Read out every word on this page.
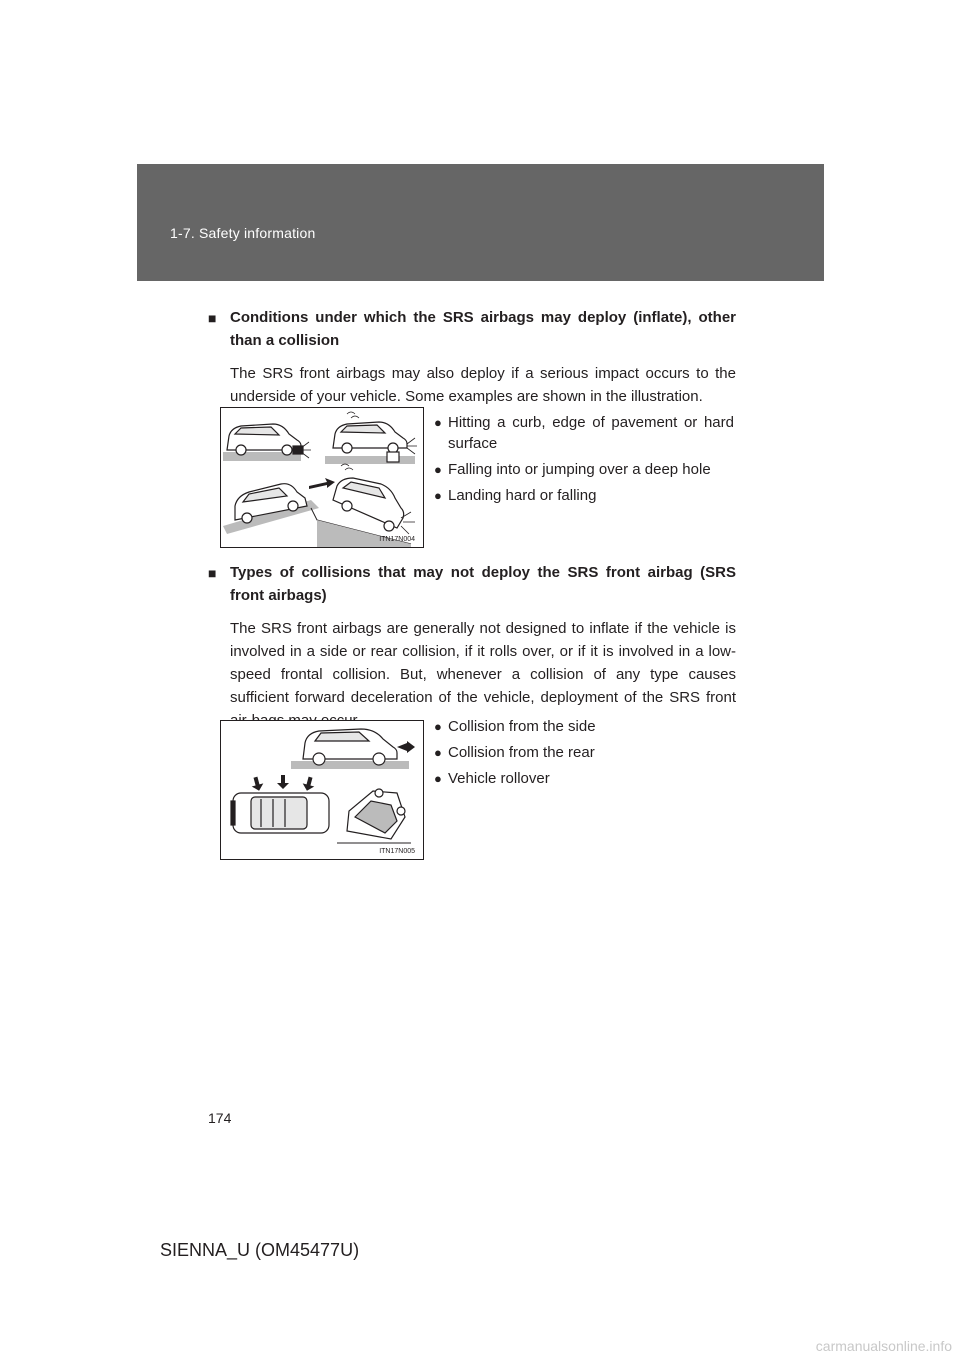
1-7. Safety information
■ Conditions under which the SRS airbags may deploy (inflate), other than a collision

The SRS front airbags may also deploy if a serious impact occurs to the underside of your vehicle. Some examples are shown in the illustration.

ITN17N004
● Hitting a curb, edge of pavement or hard surface
● Falling into or jumping over a deep hole
● Landing hard or falling
■ Types of collisions that may not deploy the SRS front airbag (SRS front airbags)

The SRS front airbags are generally not designed to inflate if the vehicle is involved in a side or rear collision, if it rolls over, or if it is involved in a low-speed frontal collision. But, whenever a collision of any type causes sufficient forward deceleration of the vehicle, deployment of the SRS front

ITN17N005
● Collision from the side
● Collision from the rear
● Vehicle rollover
174
SIENNA_U (OM45477U)
carmanualsonline.info
